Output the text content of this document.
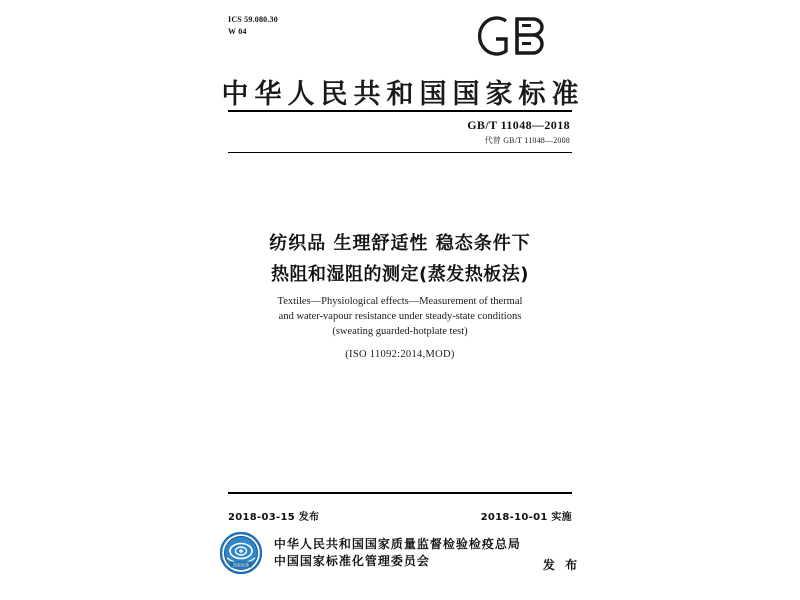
ICS 59.080.30
W 04
中华人民共和国国家标准
GB/T 11048—2018
代替 GB/T 11048—2008
纺织品 生理舒适性 稳态条件下
热阻和湿阻的测定(蒸发热板法)
Textiles—Physiological effects—Measurement of thermal
and water-vapour resistance under steady-state conditions
(sweating guarded-hotplate test)
(ISO 11092:2014,MOD)
2018-03-15 发布	2018-10-01 实施
国家标准
中华人民共和国国家质量监督检验检疫总局
中国国家标准化管理委员会	发 布
